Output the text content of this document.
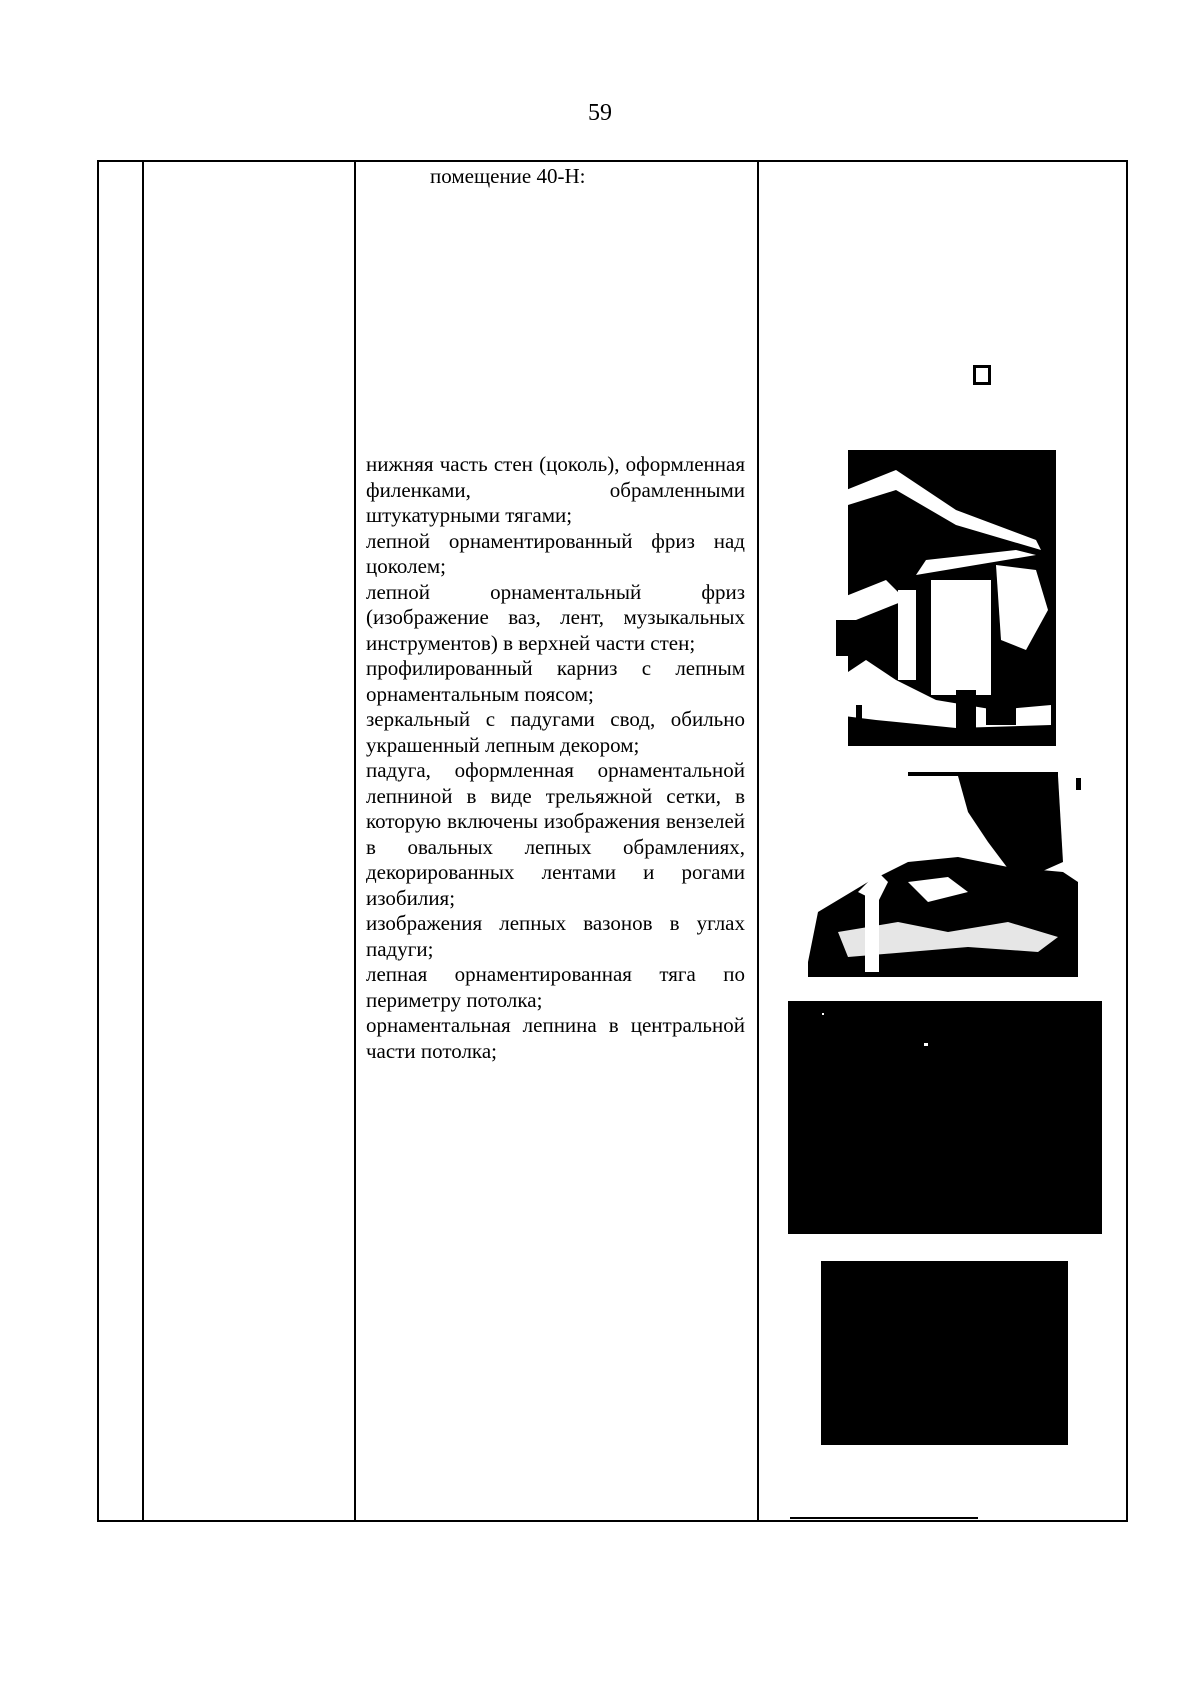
59
помещение 40-Н:

нижняя часть стен (цоколь), оформленная филенками, обрамленными штукатурными тягами;

лепной орнаментированный фриз над цоколем;

лепной орнаментальный фриз (изображение ваз, лент, музыкальных инструментов) в верхней части стен;

профилированный карниз с лепным орнаментальным поясом;

зеркальный с падугами свод, обильно украшенный лепным декором;

падуга, оформленная орнаментальной лепниной в виде трельяжной сетки, в которую включены изображения вензелей в овальных лепных обрамлениях, декорированных лентами и рогами изобилия;

изображения лепных вазонов в углах падуги;

лепная орнаментированная тяга по периметру потолка;

орнаментальная лепнина в центральной части потолка;
